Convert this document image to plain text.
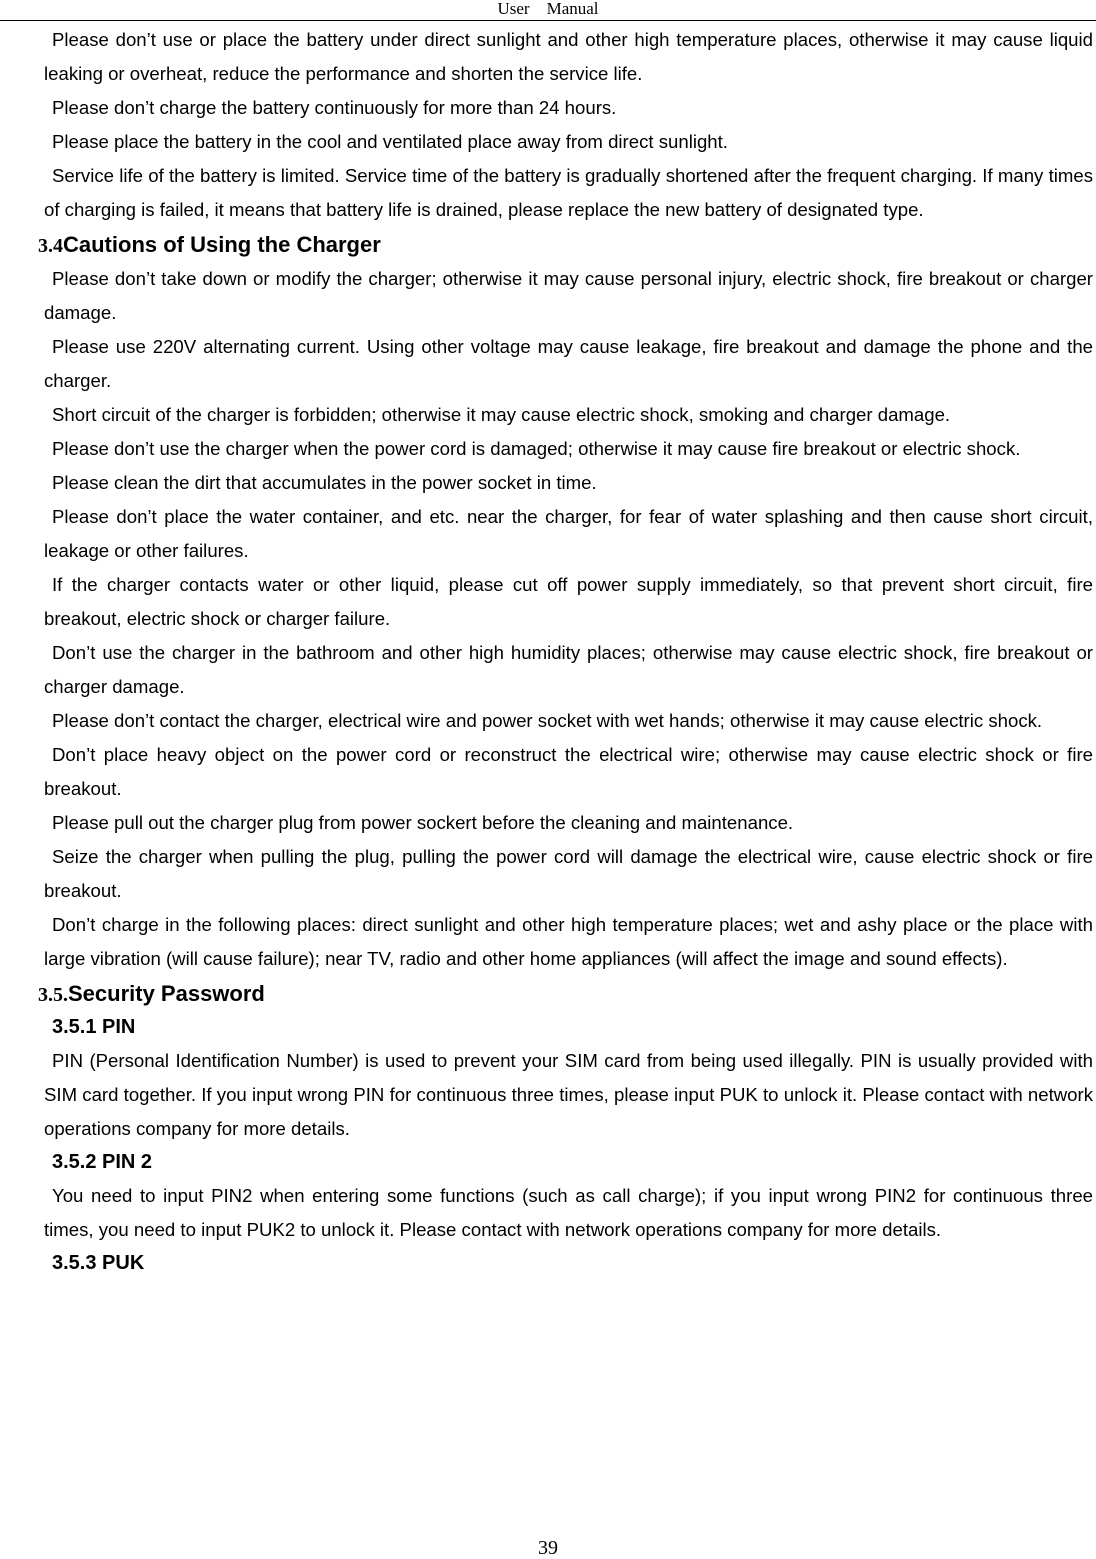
User    Manual

Please don’t use or place the battery under direct sunlight and other high temperature places, otherwise it may cause liquid leaking or overheat, reduce the performance and shorten the service life.

Please don’t charge the battery continuously for more than 24 hours.

Please place the battery in the cool and ventilated place away from direct sunlight.

Service life of the battery is limited. Service time of the battery is gradually shortened after the frequent charging. If many times of charging is failed, it means that battery life is drained, please replace the new battery of designated type.

3.4Cautions of Using the Charger

Please don’t take down or modify the charger; otherwise it may cause personal injury, electric shock, fire breakout or charger damage.

Please use 220V alternating current. Using other voltage may cause leakage, fire breakout and damage the phone and the charger.

Short circuit of the charger is forbidden; otherwise it may cause electric shock, smoking and charger damage.

Please don’t use the charger when the power cord is damaged; otherwise it may cause fire breakout or electric shock.

Please clean the dirt that accumulates in the power socket in time.

Please don’t place the water container, and etc. near the charger, for fear of water splashing and then cause short circuit, leakage or other failures.

If the charger contacts water or other liquid, please cut off power supply immediately, so that prevent short circuit, fire breakout, electric shock or charger failure.

Don’t use the charger in the bathroom and other high humidity places; otherwise may cause electric shock, fire breakout or charger damage.

Please don’t contact the charger, electrical wire and power socket with wet hands; otherwise it may cause electric shock.

Don’t place heavy object on the power cord or reconstruct the electrical wire; otherwise may cause electric shock or fire breakout.

Please pull out the charger plug from power sockert before the cleaning and maintenance.

Seize the charger when pulling the plug, pulling the power cord will damage the electrical wire, cause electric shock or fire breakout.

Don’t charge in the following places: direct sunlight and other high temperature places; wet and ashy place or the place with large vibration (will cause failure); near TV, radio and other home appliances (will affect the image and sound effects).

3.5.Security Password
3.5.1 PIN

PIN (Personal Identification Number) is used to prevent your SIM card from being used illegally. PIN is usually provided with SIM card together. If you input wrong PIN for continuous three times, please input PUK to unlock it. Please contact with network operations company for more details.

3.5.2 PIN 2

You need to input PIN2 when entering some functions (such as call charge); if you input wrong PIN2 for continuous three times, you need to input PUK2 to unlock it. Please contact with network operations company for more details.

3.5.3 PUK
39
